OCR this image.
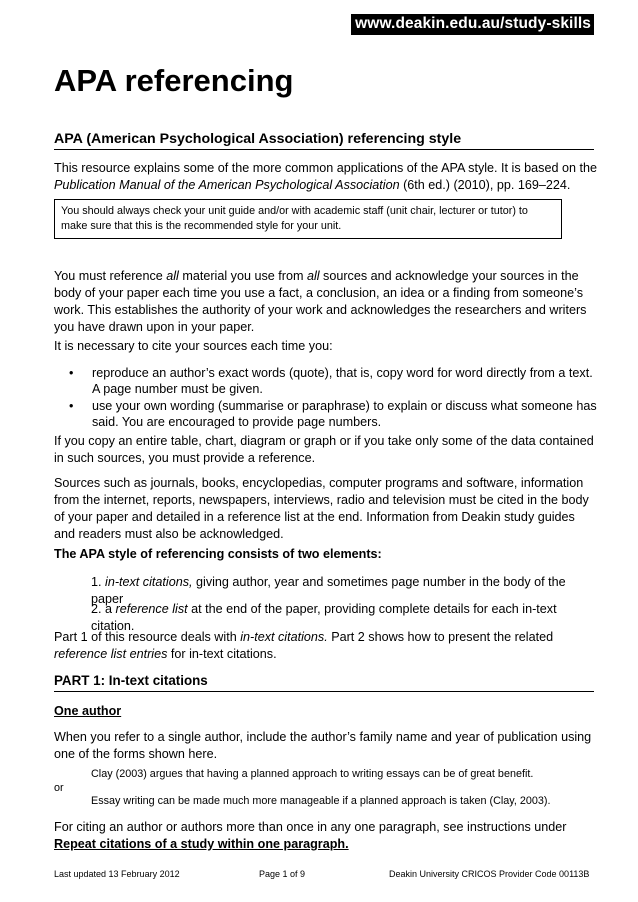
www.deakin.edu.au/study-skills
APA referencing
APA (American Psychological Association) referencing style
This resource explains some of the more common applications of the APA style. It is based on the Publication Manual of the American Psychological Association (6th ed.) (2010), pp. 169–224.
You should always check your unit guide and/or with academic staff (unit chair, lecturer or tutor) to make sure that this is the recommended style for your unit.
You must reference all material you use from all sources and acknowledge your sources in the body of your paper each time you use a fact, a conclusion, an idea or a finding from someone’s work. This establishes the authority of your work and acknowledges the researchers and writers you have drawn upon in your paper.
It is necessary to cite your sources each time you:
• reproduce an author’s exact words (quote), that is, copy word for word directly from a text. A page number must be given.
• use your own wording (summarise or paraphrase) to explain or discuss what someone has said. You are encouraged to provide page numbers.
If you copy an entire table, chart, diagram or graph or if you take only some of the data contained in such sources, you must provide a reference.
Sources such as journals, books, encyclopedias, computer programs and software, information from the internet, reports, newspapers, interviews, radio and television must be cited in the body of your paper and detailed in a reference list at the end. Information from Deakin study guides and readers must also be acknowledged.
The APA style of referencing consists of two elements:
1. in-text citations, giving author, year and sometimes page number in the body of the paper
2. a reference list at the end of the paper, providing complete details for each in-text citation.
Part 1 of this resource deals with in-text citations. Part 2 shows how to present the related reference list entries for in-text citations.
PART 1: In-text citations
One author
When you refer to a single author, include the author’s family name and year of publication using one of the forms shown here.
Clay (2003) argues that having a planned approach to writing essays can be of great benefit.
or
Essay writing can be made much more manageable if a planned approach is taken (Clay, 2003).
For citing an author or authors more than once in any one paragraph, see instructions under Repeat citations of a study within one paragraph.
Last updated 13 February 2012	Page 1 of 9	Deakin University CRICOS Provider Code 00113B
